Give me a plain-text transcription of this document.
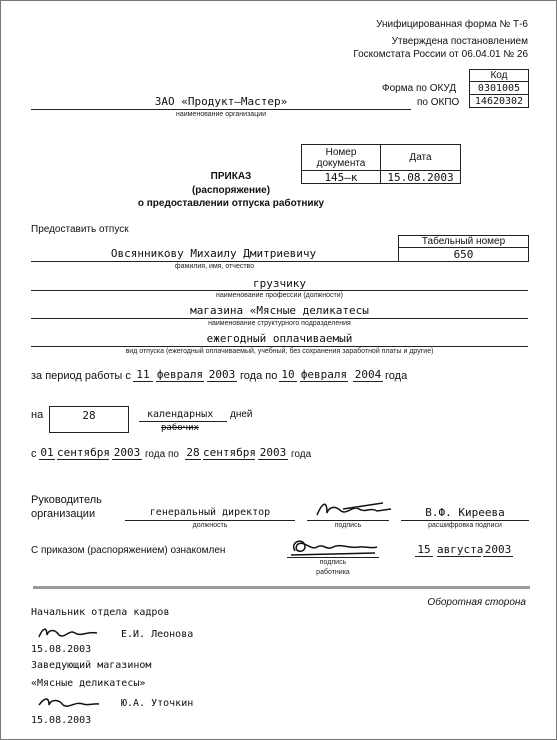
Унифицированная форма № Т-6
Утверждена постановлением
Госкомстата России от 06.04.01 № 26
Код
0301005
14620302
Форма по ОКУД
по ОКПО
ЗАО «Продукт–Мастер»
наименование организации
Номер документа	Дата
145–к	15.08.2003
ПРИКАЗ
(распоряжение)
о предоставлении отпуска работнику
Предоставить отпуск
Табельный номер
650
Овсянникову Михаилу Дмитриевичу
фамилия, имя, отчество
грузчику
наименование профессии (должности)
магазина «Мясные деликатесы
наименование структурного подразделения
ежегодный оплачиваемый
вид отпуска (ежегодный оплачиваемый, учебный, без сохранения заработной платы и другие)
за период работы с 11 февраля 2003 года по 10 февраля 2004 года
на	28	календарных
рабочих
дней
с 01 сентября 2003 года по 28 сентября 2003 года
Руководитель
организации	генеральный директор
должность	подпись
В.Ф. Киреева
расшифровка подписи
С приказом (распоряжением) ознакомлен
подпись
работника
15 августа 2003
Оборотная сторона
Начальник отдела кадров
Е.И. Леонова
15.08.2003
Заведующий магазином
«Мясные деликатесы»
Ю.А. Уточкин
15.08.2003
